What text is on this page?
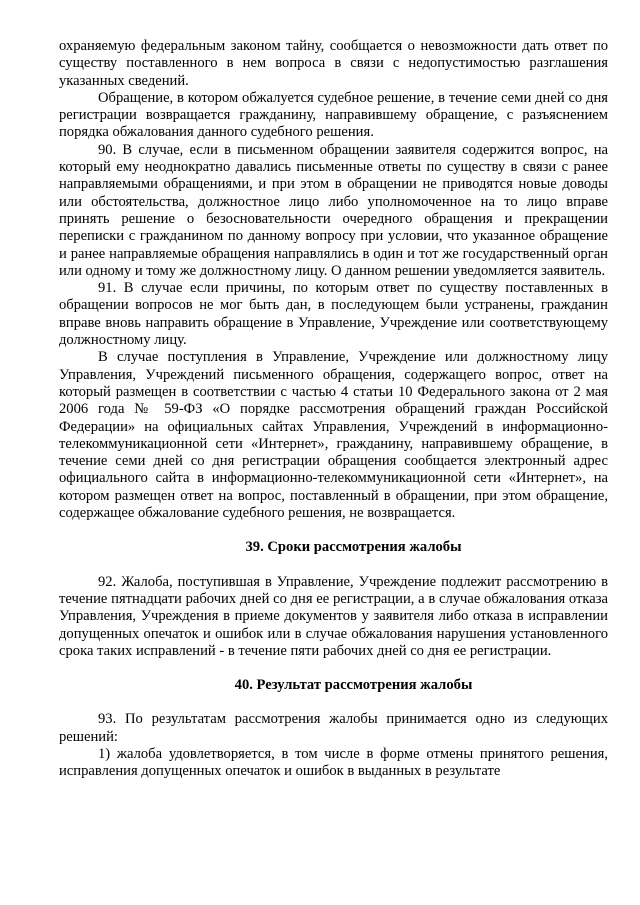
охраняемую федеральным законом тайну, сообщается о невозможности дать ответ по существу поставленного в нем вопроса в связи с недопустимостью разглашения указанных сведений.

Обращение, в котором обжалуется судебное решение, в течение семи дней со дня регистрации возвращается гражданину, направившему обращение, с разъяснением порядка обжалования данного судебного решения.

90. В случае, если в письменном обращении заявителя содержится вопрос, на который ему неоднократно давались письменные ответы по существу в связи с ранее направляемыми обращениями, и при этом в обращении не приводятся новые доводы или обстоятельства, должностное лицо либо уполномоченное на то лицо вправе принять решение о безосновательности очередного обращения и прекращении переписки с гражданином по данному вопросу при условии, что указанное обращение и ранее направляемые обращения направлялись в один и тот же государственный орган или одному и тому же должностному лицу. О данном решении уведомляется заявитель.

91. В случае если причины, по которым ответ по существу поставленных в обращении вопросов не мог быть дан, в последующем были устранены, гражданин вправе вновь направить обращение в Управление, Учреждение или соответствующему должностному лицу.

В случае поступления в Управление, Учреждение или должностному лицу Управления, Учреждений письменного обращения, содержащего вопрос, ответ на который размещен в соответствии с частью 4 статьи 10 Федерального закона от 2 мая 2006 года № 59-ФЗ «О порядке рассмотрения обращений граждан Российской Федерации» на официальных сайтах Управления, Учреждений в информационно-телекоммуникационной сети «Интернет», гражданину, направившему обращение, в течение семи дней со дня регистрации обращения сообщается электронный адрес официального сайта в информационно-телекоммуникационной сети «Интернет», на котором размещен ответ на вопрос, поставленный в обращении, при этом обращение, содержащее обжалование судебного решения, не возвращается.

39. Сроки рассмотрения жалобы

92. Жалоба, поступившая в Управление, Учреждение подлежит рассмотрению в течение пятнадцати рабочих дней со дня ее регистрации, а в случае обжалования отказа Управления, Учреждения в приеме документов у заявителя либо отказа в исправлении допущенных опечаток и ошибок или в случае обжалования нарушения установленного срока таких исправлений - в течение пяти рабочих дней со дня ее регистрации.

40. Результат рассмотрения жалобы

93. По результатам рассмотрения жалобы принимается одно из следующих решений:

1) жалоба удовлетворяется, в том числе в форме отмены принятого решения, исправления допущенных опечаток и ошибок в выданных в результате
